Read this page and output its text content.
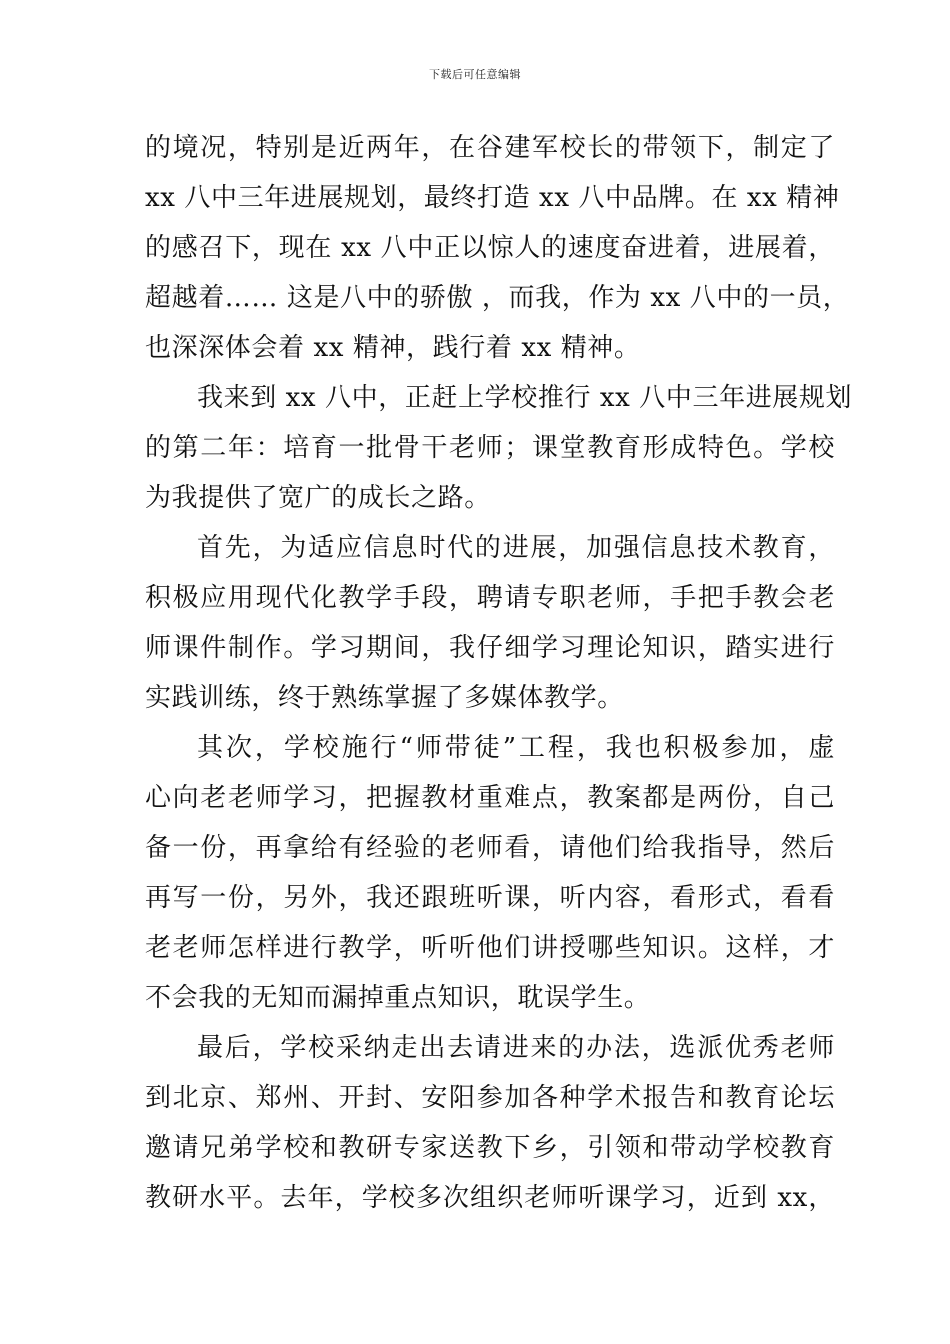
下载后可任意编辑
的境况，特别是近两年，在谷建军校长的带领下，制定了
xx 八中三年进展规划，最终打造 xx 八中品牌。在 xx 精神
的感召下，现在 xx 八中正以惊人的速度奋进着，进展着，
超越着…… 这是八中的骄傲 ，而我，作为 xx 八中的一员，
也深深体会着 xx 精神，践行着 xx 精神。
我来到 xx 八中，正赶上学校推行 xx 八中三年进展规划
的第二年：培育一批骨干老师；课堂教育形成特色。学校
为我提供了宽广的成长之路。
首先，为适应信息时代的进展，加强信息技术教育，
积极应用现代化教学手段，聘请专职老师，手把手教会老
师课件制作。学习期间，我仔细学习理论知识，踏实进行
实践训练，终于熟练掌握了多媒体教学。
其次，学校施行“师带徒”工程，我也积极参加，虚
心向老老师学习，把握教材重难点，教案都是两份，自己
备一份，再拿给有经验的老师看，请他们给我指导，然后
再写一份，另外，我还跟班听课，听内容，看形式，看看
老老师怎样进行教学，听听他们讲授哪些知识。这样，才
不会我的无知而漏掉重点知识，耽误学生。
最后，学校采纳走出去请进来的办法，选派优秀老师
到北京、郑州、开封、安阳参加各种学术报告和教育论坛
邀请兄弟学校和教研专家送教下乡，引领和带动学校教育
教研水平。去年，学校多次组织老师听课学习，近到 xx，
